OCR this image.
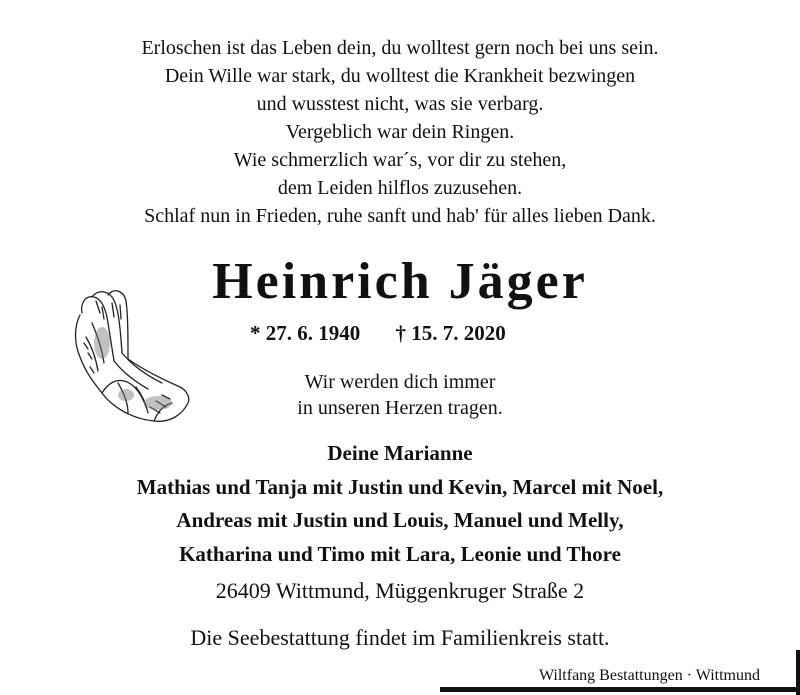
Erloschen ist das Leben dein, du wolltest gern noch bei uns sein.
Dein Wille war stark, du wolltest die Krankheit bezwingen
und wusstest nicht, was sie verbarg.
Vergeblich war dein Ringen.
Wie schmerzlich war´s, vor dir zu stehen,
dem Leiden hilflos zuzusehen.
Schlaf nun in Frieden, ruhe sanft und hab' für alles lieben Dank.
Heinrich Jäger
* 27. 6. 1940 † 15. 7. 2020
Wir werden dich immer
in unseren Herzen tragen.
Deine Marianne
Mathias und Tanja mit Justin und Kevin, Marcel mit Noel,
Andreas mit Justin und Louis, Manuel und Melly,
Katharina und Timo mit Lara, Leonie und Thore
26409 Wittmund, Müggenkruger Straße 2
Die Seebestattung findet im Familienkreis statt.
Wiltfang Bestattungen · Wittmund
